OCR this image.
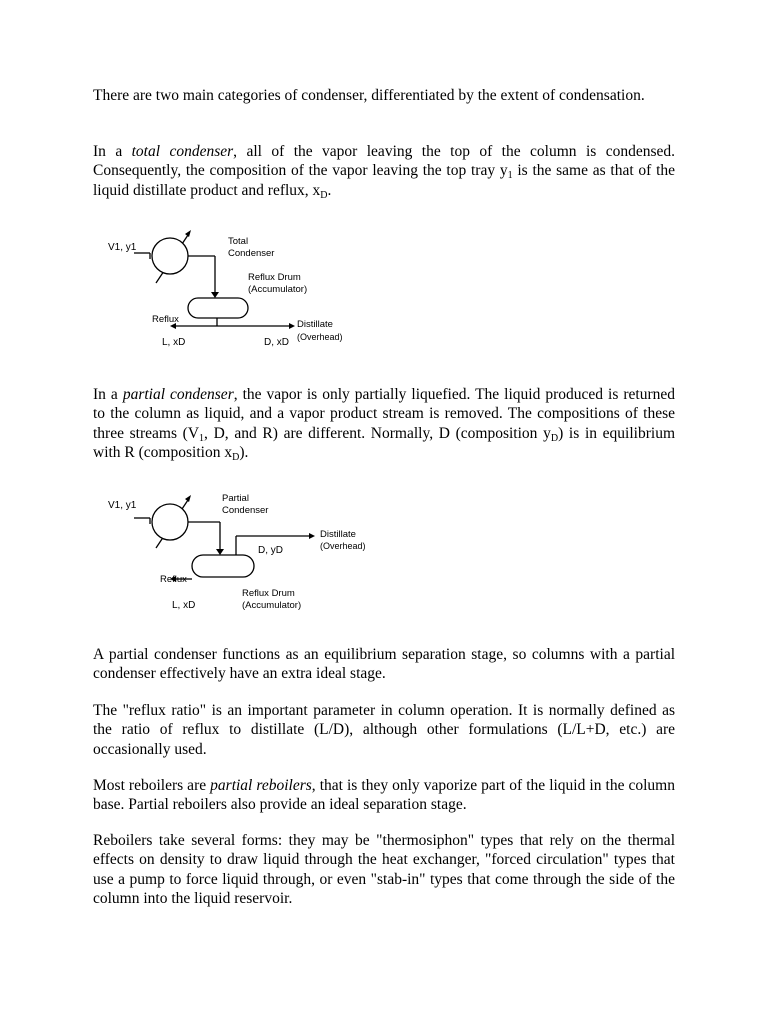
There are two main categories of condenser, differentiated by the extent of condensation.

In a total condenser, all of the vapor leaving the top of the column is condensed. Consequently, the composition of the vapor leaving the top tray $y_1$ is the same as that of the liquid distillate product and reflux, $x_D$.

In a partial condenser, the vapor is only partially liquefied. The liquid produced is returned to the column as liquid, and a vapor product stream is removed. The compositions of these three streams ($V_1$, D, and R) are different. Normally, D (composition $y_D$) is in equilibrium with R (composition $x_D$).

A partial condenser functions as an equilibrium separation stage, so columns with a partial condenser effectively have an extra ideal stage.

The "reflux ratio" is an important parameter in column operation. It is normally defined as the ratio of reflux to distillate (L/D), although other formulations (L/L+D, etc.) are occasionally used.

Most reboilers are partial reboilers, that is they only vaporize part of the liquid in the column base. Partial reboilers also provide an ideal separation stage.

Reboilers take several forms: they may be "thermosiphon" types that rely on the thermal effects on density to draw liquid through the heat exchanger, "forced circulation" types that use a pump to force liquid through, or even "stab-in" types that come through the side of the column into the liquid reservoir.

V1, y1
Total
Condenser
Reflux Drum
(Accumulator)
Reflux
L, xD
Distillate
D, xD (Overhead)
V1, y1
Partial
Condenser
Distillate
(Overhead)
D, yD
Reflux
L, xD
Reflux Drum
(Accumulator)
